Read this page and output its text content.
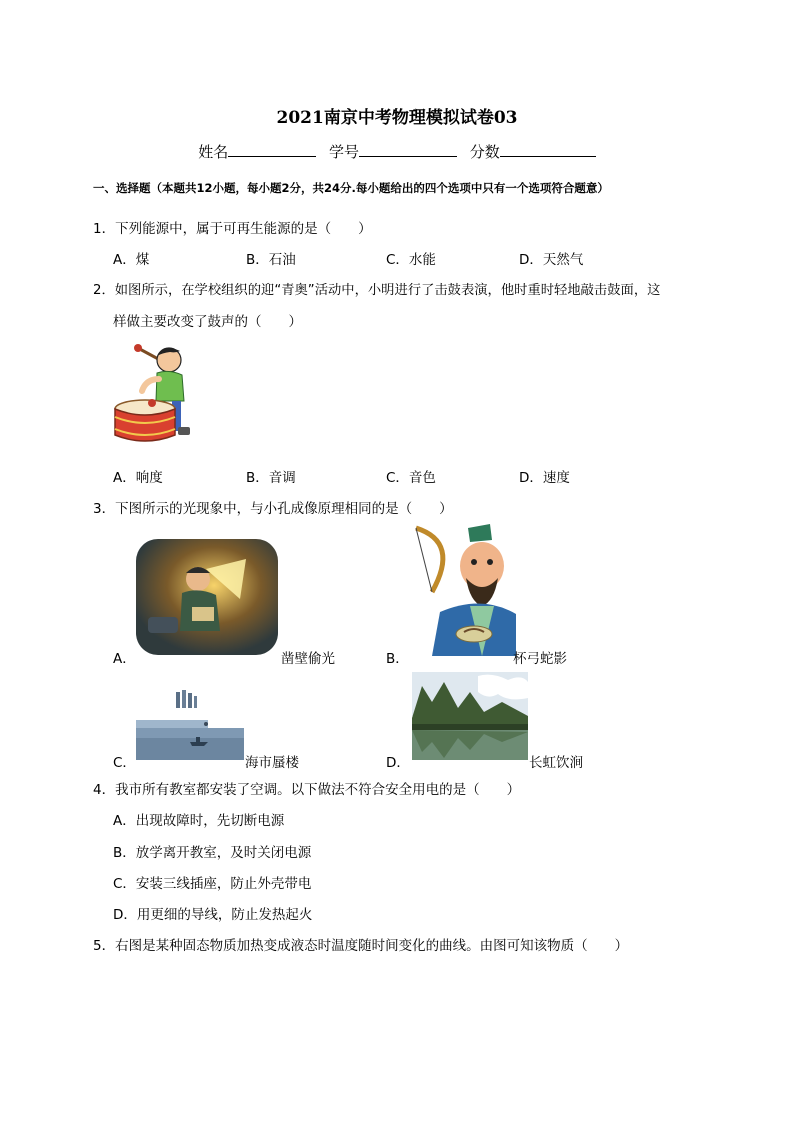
2021南京中考物理模拟试卷03
姓名	学号	分数
一、选择题（本题共12小题，每小题2分，共24分.每小题给出的四个选项中只有一个选项符合题意）
1．下列能源中，属于可再生能源的是（　　）
A．煤	B．石油	C．水能	D．天然气
2．如图所示，在学校组织的迎“青奥”活动中，小明进行了击鼓表演，他时重时轻地敲击鼓面，这
样做主要改变了鼓声的（　　）
A．响度	B．音调	C．音色	D．速度
3．下图所示的光现象中，与小孔成像原理相同的是（　　）
A．	凿壁偷光	B．	杯弓蛇影
C．	海市蜃楼	D．	长虹饮涧
4．我市所有教室都安装了空调。以下做法不符合安全用电的是（　　）
A．出现故障时，先切断电源
B．放学离开教室，及时关闭电源
C．安装三线插座，防止外壳带电
D．用更细的导线，防止发热起火
5．右图是某种固态物质加热变成液态时温度随时间变化的曲线。由图可知该物质（　　）
